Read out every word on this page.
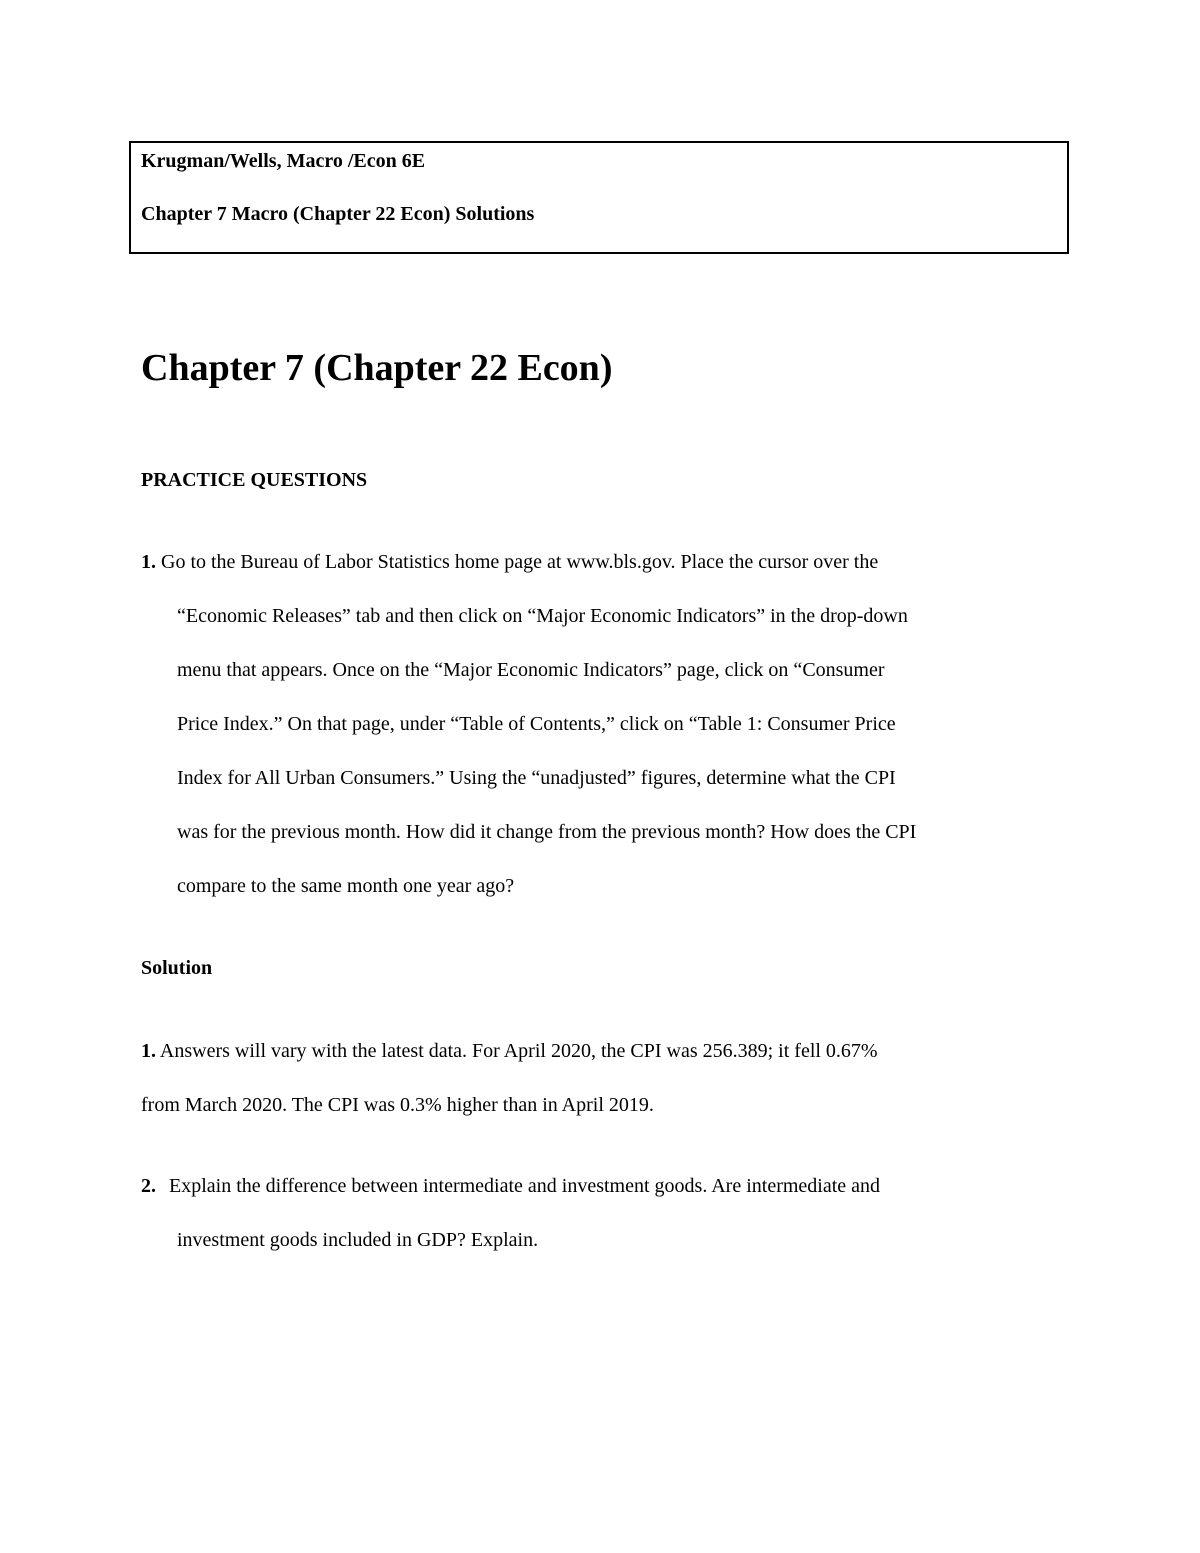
Krugman/Wells, Macro /Econ 6E
Chapter 7 Macro (Chapter 22 Econ) Solutions
Chapter 7 (Chapter 22 Econ)
PRACTICE QUESTIONS
1. Go to the Bureau of Labor Statistics home page at www.bls.gov. Place the cursor over the
“Economic Releases” tab and then click on “Major Economic Indicators” in the drop-down
menu that appears. Once on the “Major Economic Indicators” page, click on “Consumer
Price Index.” On that page, under “Table of Contents,” click on “Table 1: Consumer Price
Index for All Urban Consumers.” Using the “unadjusted” figures, determine what the CPI
was for the previous month. How did it change from the previous month? How does the CPI
compare to the same month one year ago?
Solution
1. Answers will vary with the latest data. For April 2020, the CPI was 256.389; it fell 0.67%
from March 2020. The CPI was 0.3% higher than in April 2019.
2. Explain the difference between intermediate and investment goods. Are intermediate and
investment goods included in GDP? Explain.
